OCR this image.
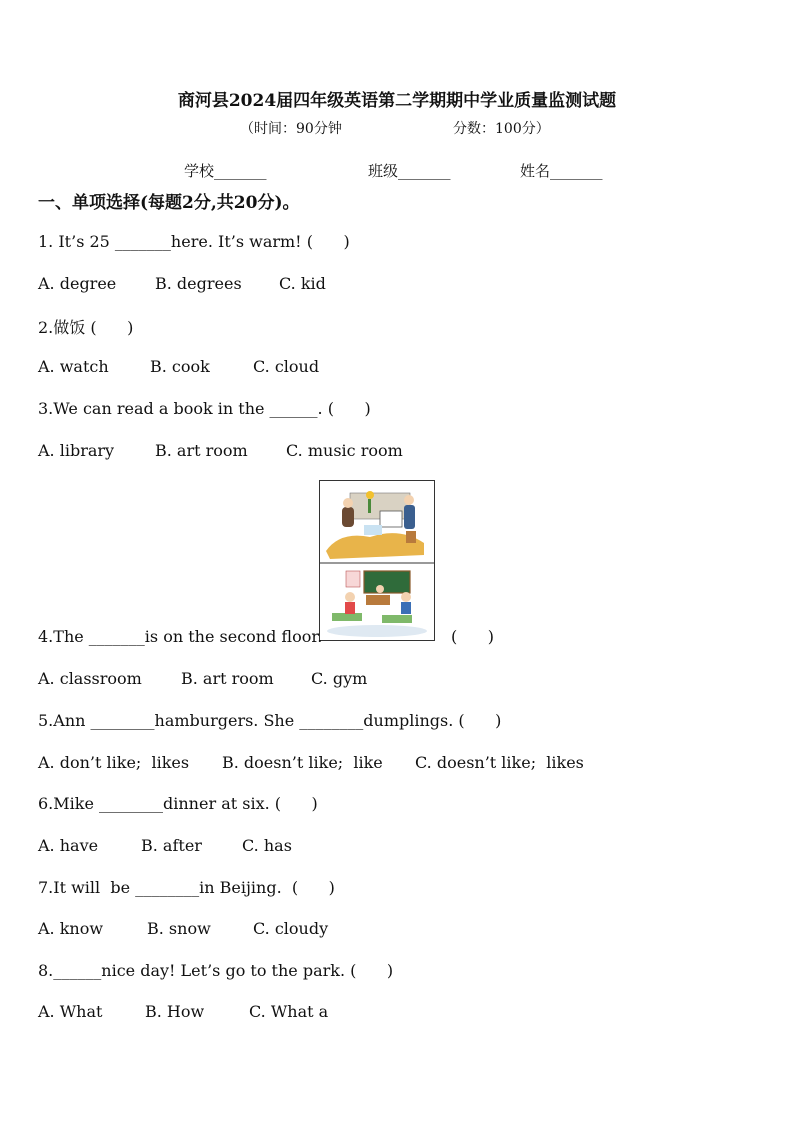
商河县2024届四年级英语第二学期期中学业质量监测试题
（时间：90分钟	分数：100分）
学校_______	班级_______	姓名_______
一、单项选择(每题2分,共20分)。
1. It’s 25 _______here. It’s warm! (      )
A. degree B. degrees C. kid
2.做饭 (      )
A. watch	B. cook	C. cloud
3.We can read a book in the ______. (      )
A. library	B. art room C. music room
4.The _______is on the second floor.	(      )
A. classroom B. art room C. gym
5.Ann ________hamburgers. She ________dumplings. (      )
A. don’t like;  likes B. doesn’t like;  like C. doesn’t like;  likes
6.Mike ________dinner at six. (      )
A. have	B. after	C. has
7.It will  be ________in Beijing.  (      )
A. know	B. snow	C. cloudy
8.______nice day! Let’s go to the park. (      )
A. What	B. How	C. What a
